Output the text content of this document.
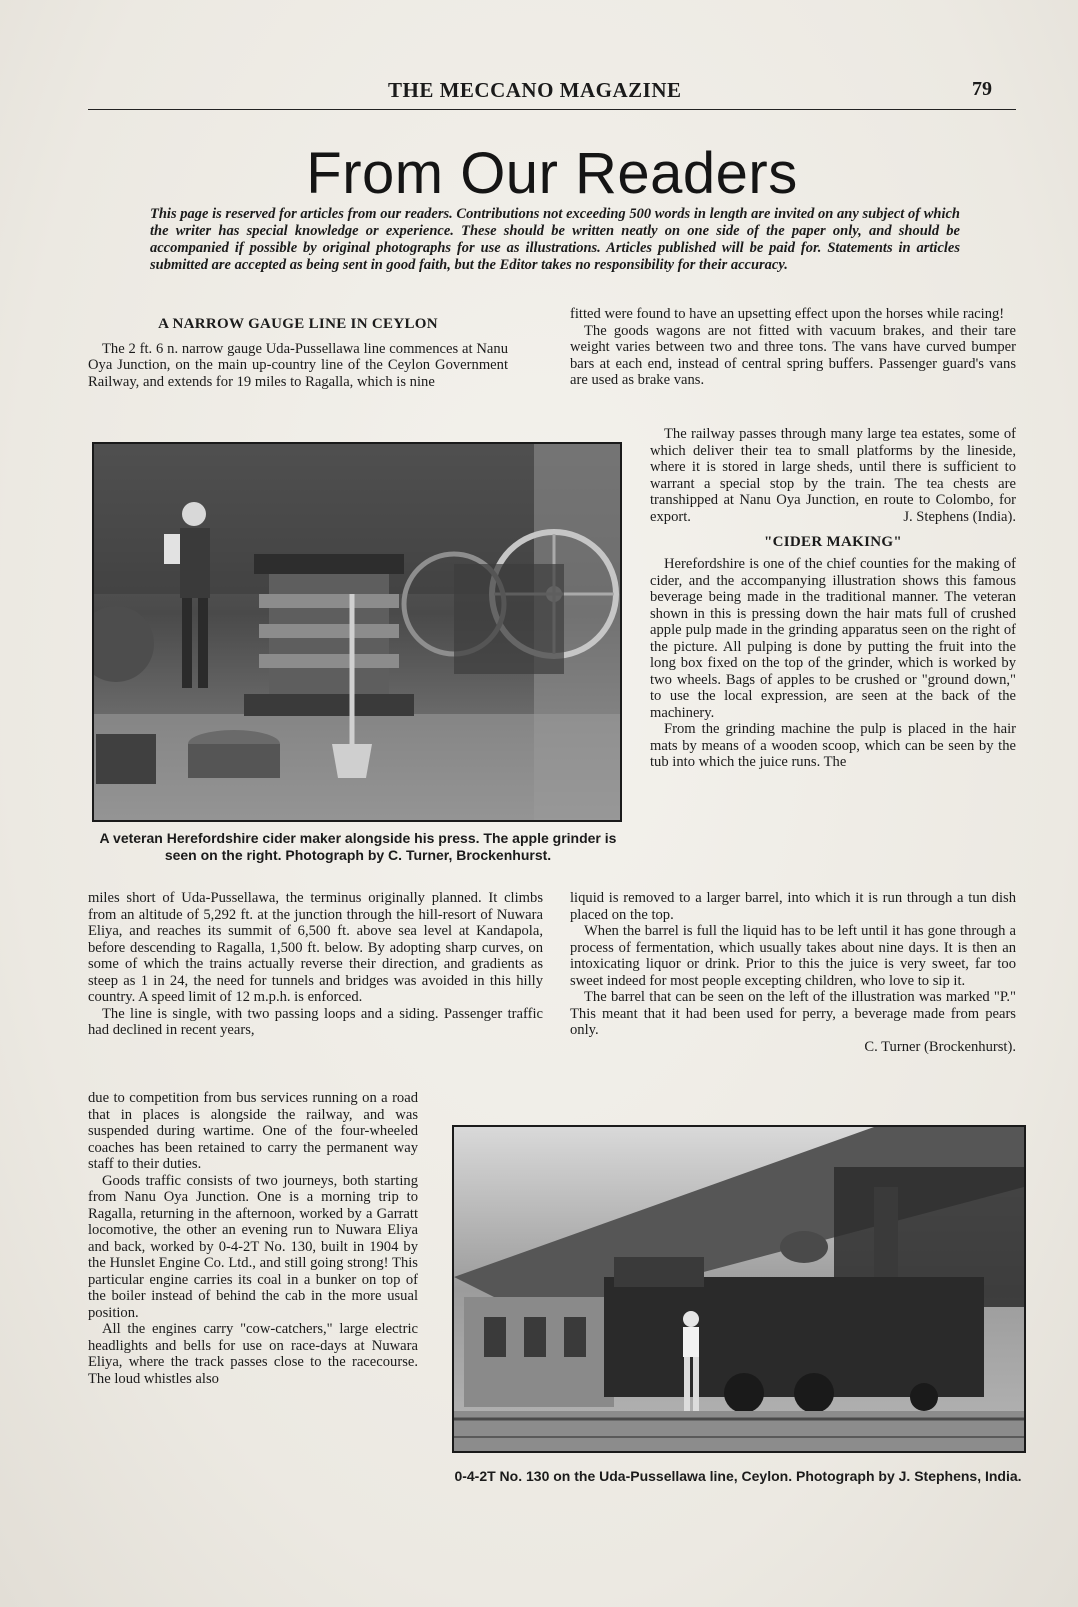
THE MECCANO MAGAZINE	79
From Our Readers
This page is reserved for articles from our readers. Contributions not exceeding 500 words in length are invited on any subject of which the writer has special knowledge or experience. These should be written neatly on one side of the paper only, and should be accompanied if possible by original photographs for use as illustrations. Articles published will be paid for. Statements in articles submitted are accepted as being sent in good faith, but the Editor takes no responsibility for their accuracy.

A NARROW GAUGE LINE IN CEYLON

The 2 ft. 6 n. narrow gauge Uda-Pussellawa line commences at Nanu Oya Junction, on the main up-country line of the Ceylon Government Railway, and extends for 19 miles to Ragalla, which is nine

A veteran Herefordshire cider maker alongside his press. The apple grinder is seen on the right. Photograph by C. Turner, Brockenhurst.

miles short of Uda-Pussellawa, the terminus originally planned. It climbs from an altitude of 5,292 ft. at the junction through the hill-resort of Nuwara Eliya, and reaches its summit of 6,500 ft. above sea level at Kandapola, before descending to Ragalla, 1,500 ft. below. By adopting sharp curves, on some of which the trains actually reverse their direction, and gradients as steep as 1 in 24, the need for tunnels and bridges was avoided in this hilly country. A speed limit of 12 m.p.h. is enforced.

The line is single, with two passing loops and a siding. Passenger traffic had declined in recent years,

due to competition from bus services running on a road that in places is alongside the railway, and was suspended during wartime. One of the four-wheeled coaches has been retained to carry the permanent way staff to their duties.

Goods traffic consists of two journeys, both starting from Nanu Oya Junction. One is a morning trip to Ragalla, returning in the afternoon, worked by a Garratt locomotive, the other an evening run to Nuwara Eliya and back, worked by 0-4-2T No. 130, built in 1904 by the Hunslet Engine Co. Ltd., and still going strong! This particular engine carries its coal in a bunker on top of the boiler instead of behind the cab in the more usual position.

All the engines carry "cow-catchers," large electric headlights and bells for use on race-days at Nuwara Eliya, where the track passes close to the racecourse. The loud whistles also

fitted were found to have an upsetting effect upon the horses while racing!

The goods wagons are not fitted with vacuum brakes, and their tare weight varies between two and three tons. The vans have curved bumper bars at each end, instead of central spring buffers. Passenger guard's vans are used as brake vans.

The railway passes through many large tea estates, some of which deliver their tea to small platforms by the lineside, where it is stored in large sheds, until there is sufficient to warrant a special stop by the train. The tea chests are transhipped at Nanu Oya Junction, en route to Colombo, for export.	J. Stephens (India).

"CIDER MAKING"

Herefordshire is one of the chief counties for the making of cider, and the accompanying illustration shows this famous beverage being made in the traditional manner. The veteran shown in this is pressing down the hair mats full of crushed apple pulp made in the grinding apparatus seen on the right of the picture. All pulping is done by putting the fruit into the long box fixed on the top of the grinder, which is worked by two wheels. Bags of apples to be crushed or "ground down," to use the local expression, are seen at the back of the machinery.

From the grinding machine the pulp is placed in the hair mats by means of a wooden scoop, which can be seen by the tub into which the juice runs. The

liquid is removed to a larger barrel, into which it is run through a tun dish placed on the top.

When the barrel is full the liquid has to be left until it has gone through a process of fermentation, which usually takes about nine days. It is then an intoxicating liquor or drink. Prior to this the juice is very sweet, far too sweet indeed for most people excepting children, who love to sip it.

The barrel that can be seen on the left of the illustration was marked "P." This meant that it had been used for perry, a beverage made from pears only.

C. Turner (Brockenhurst).

0-4-2T No. 130 on the Uda-Pussellawa line, Ceylon. Photograph by J. Stephens, India.
